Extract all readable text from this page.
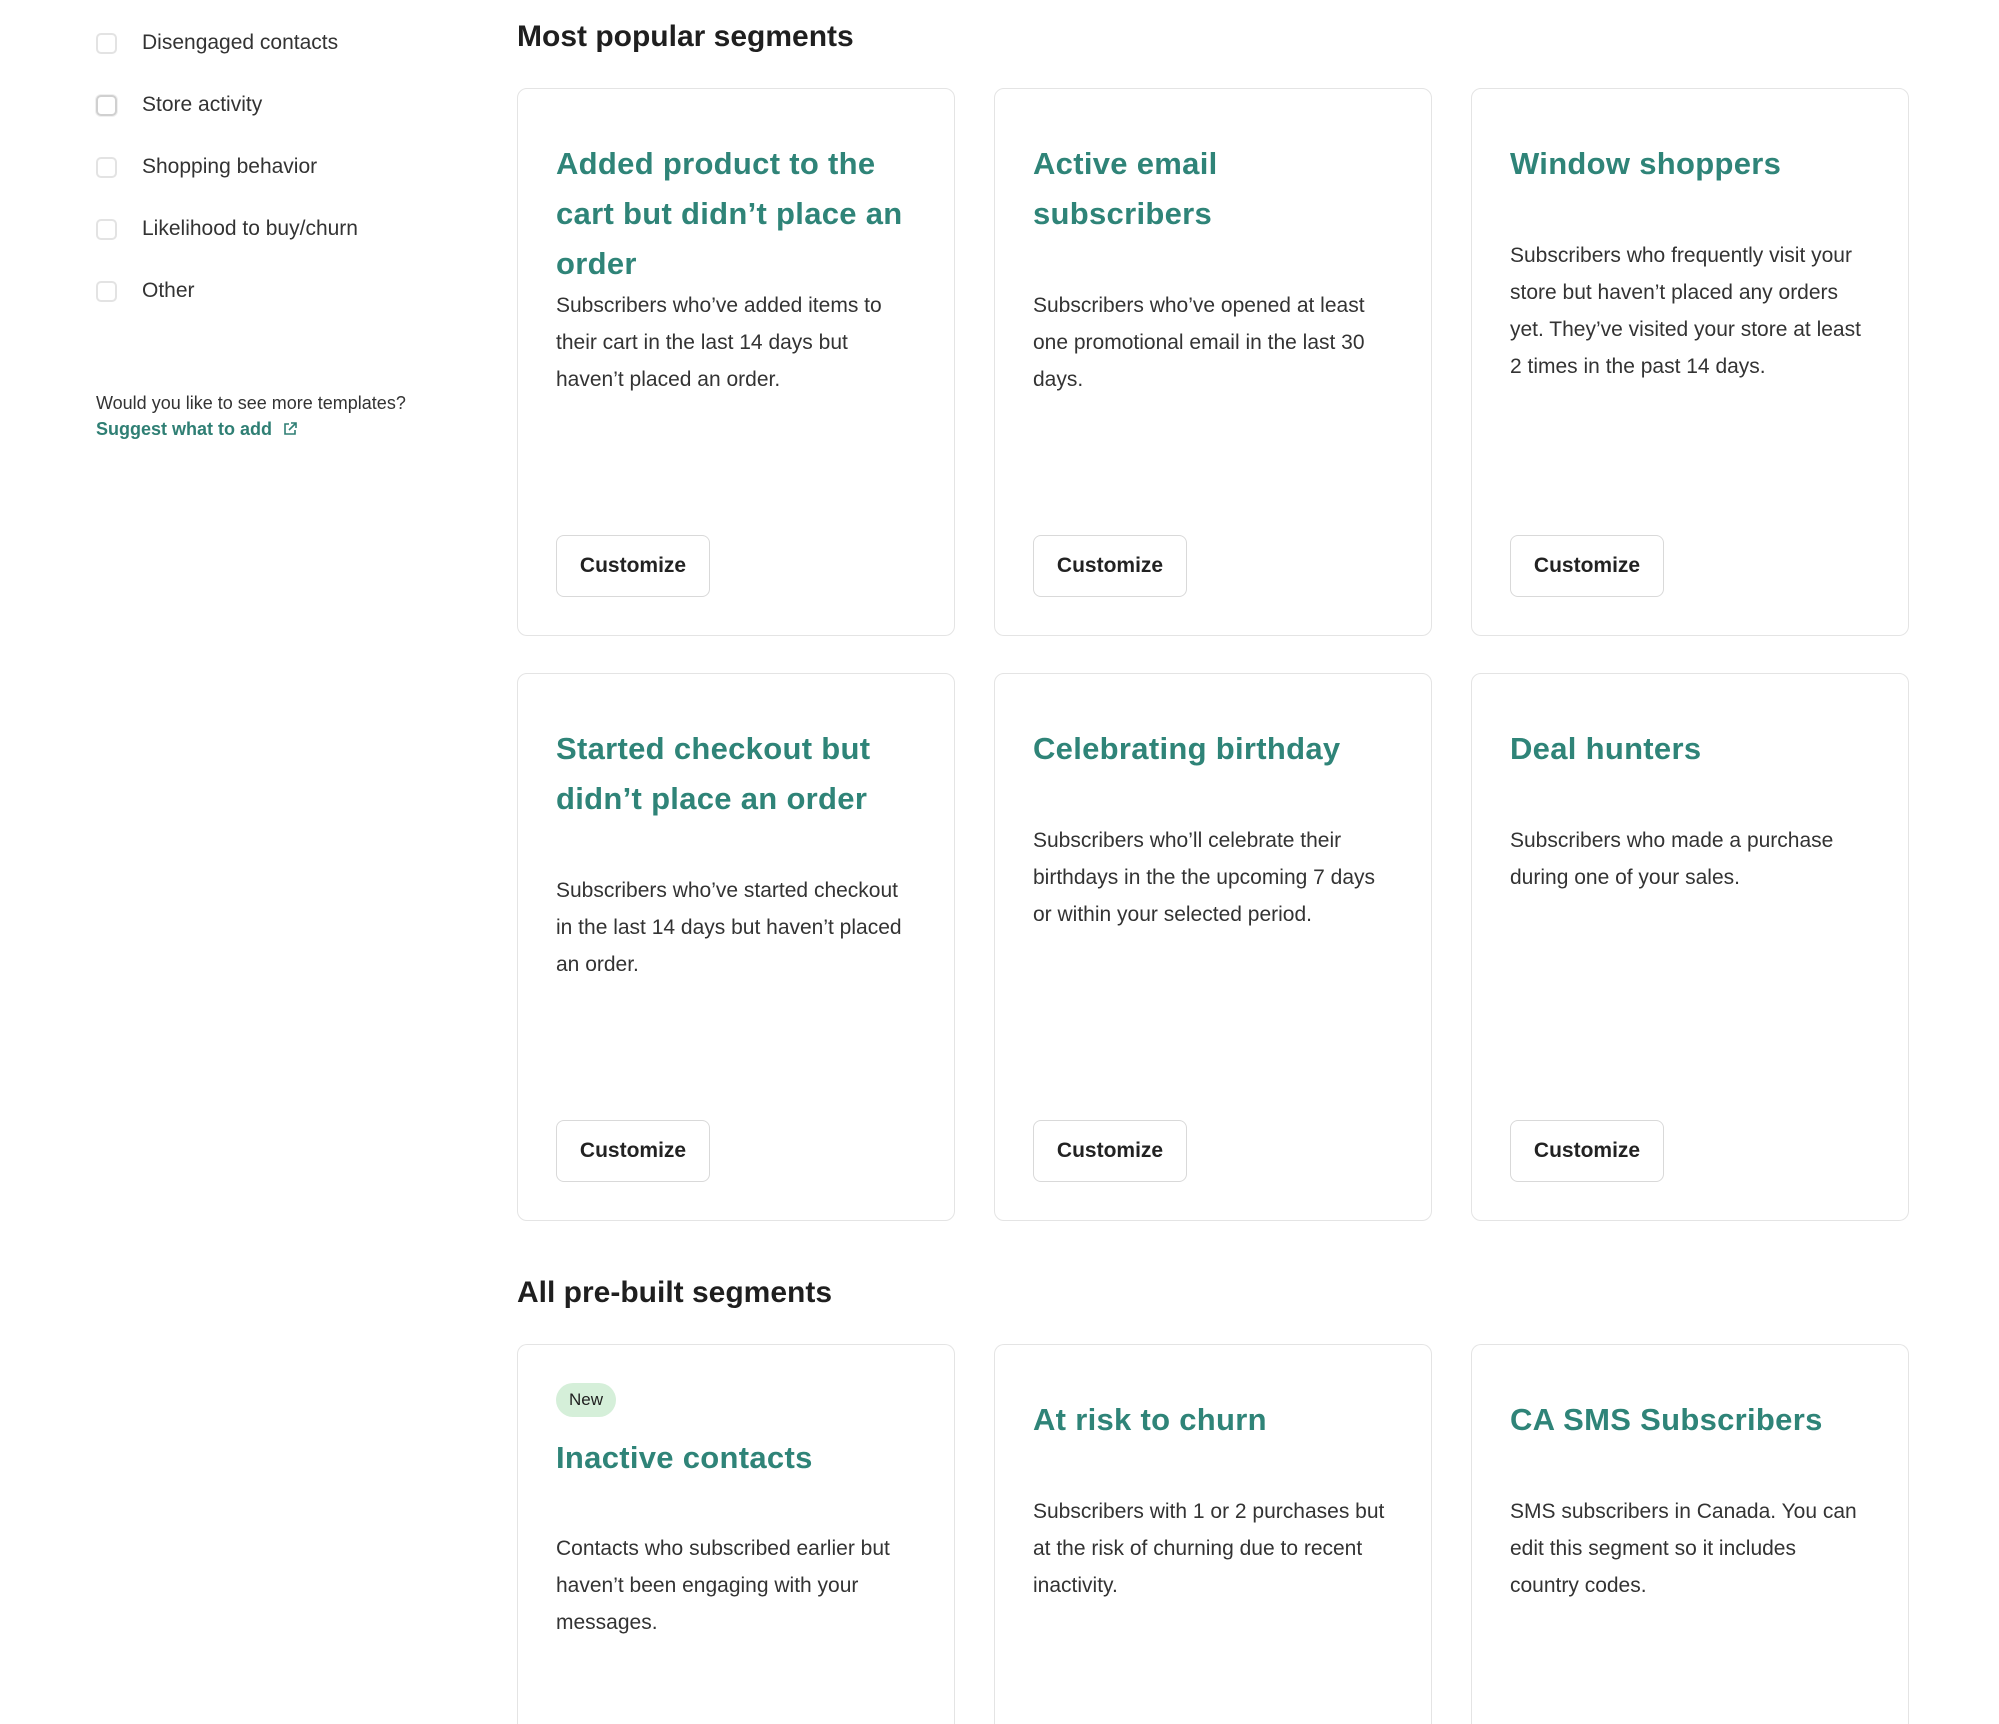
Disengaged contacts
Store activity
Shopping behavior
Likelihood to buy/churn
Other
Would you like to see more templates?
Suggest what to add
Most popular segments
Added product to the cart but didn’t place an order
Subscribers who’ve added items to their cart in the last 14 days but haven’t placed an order.
Customize
Active email subscribers
Subscribers who’ve opened at least one promotional email in the last 30 days.
Customize
Window shoppers
Subscribers who frequently visit your store but haven’t placed any orders yet. They’ve visited your store at least 2 times in the past 14 days.
Customize
Started checkout but didn’t place an order
Subscribers who’ve started checkout in the last 14 days but haven’t placed an order.
Customize
Celebrating birthday
Subscribers who’ll celebrate their birthdays in the the upcoming 7 days or within your selected period.
Customize
Deal hunters
Subscribers who made a purchase during one of your sales.
Customize
All pre-built segments
New
Inactive contacts
Contacts who subscribed earlier but haven’t been engaging with your messages.
At risk to churn
Subscribers with 1 or 2 purchases but at the risk of churning due to recent inactivity.
CA SMS Subscribers
SMS subscribers in Canada. You can edit this segment so it includes country codes.
